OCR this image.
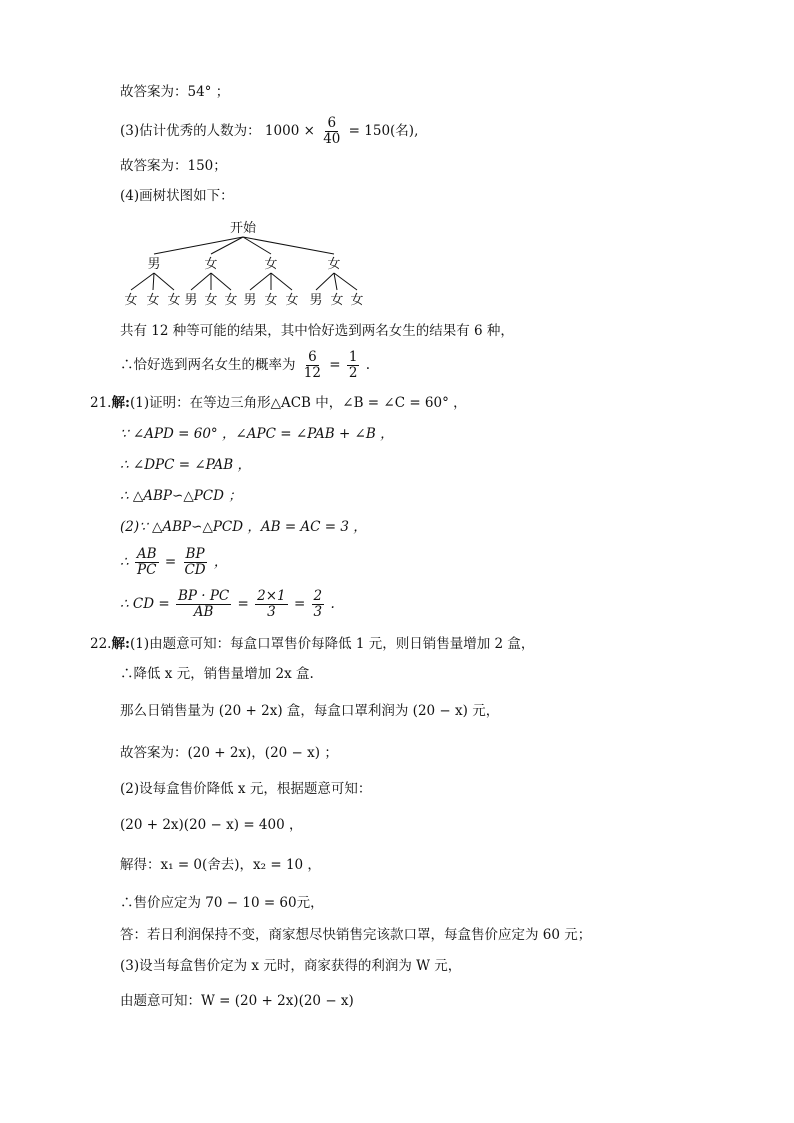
故答案为：54° ；
(3)估计优秀的人数为： $1000 \times \frac{6}{40} = 150$(名),
故答案为：150；
(4)画树状图如下：
开始
男	女	女	女
女 女 女 男 女 女 男 女 女 男 女 女
共有 12 种等可能的结果，其中恰好选到两名女生的结果有 6 种，
∴恰好选到两名女生的概率为 $\frac{6}{12} = \frac{1}{2}$ .
21.解:(1)证明：在等边三角形△ACB 中，∠B = ∠C = 60° ，
∵ ∠APD = 60° ，∠APC = ∠PAB + ∠B ，
∴ ∠DPC = ∠PAB ，
∴ △ABP∽△PCD ；
(2)∵ △ABP∽△PCD ，AB = AC = 3 ，
∴ $\frac{AB}{PC} = \frac{BP}{CD}$ ，
∴ CD = $\frac{BP \cdot PC}{AB} = \frac{2\times 1}{3} = \frac{2}{3}$ .
22.解:(1)由题意可知：每盒口罩售价每降低 1 元，则日销售量增加 2 盒，
∴降低 x 元，销售量增加 2x 盒.
那么日销售量为 (20 + 2x) 盒，每盒口罩利润为 (20 − x) 元，
故答案为：(20 + 2x)，(20 − x) ；
(2)设每盒售价降低 x 元，根据题意可知：
(20 + 2x)(20 − x) = 400 ，
解得：x₁ = 0(舍去)，x₂ = 10 ，
∴售价应定为 70 − 10 = 60元，
答：若日利润保持不变，商家想尽快销售完该款口罩，每盒售价应定为 60 元；
(3)设当每盒售价定为 x 元时，商家获得的利润为 W 元，
由题意可知：W = (20 + 2x)(20 − x)
